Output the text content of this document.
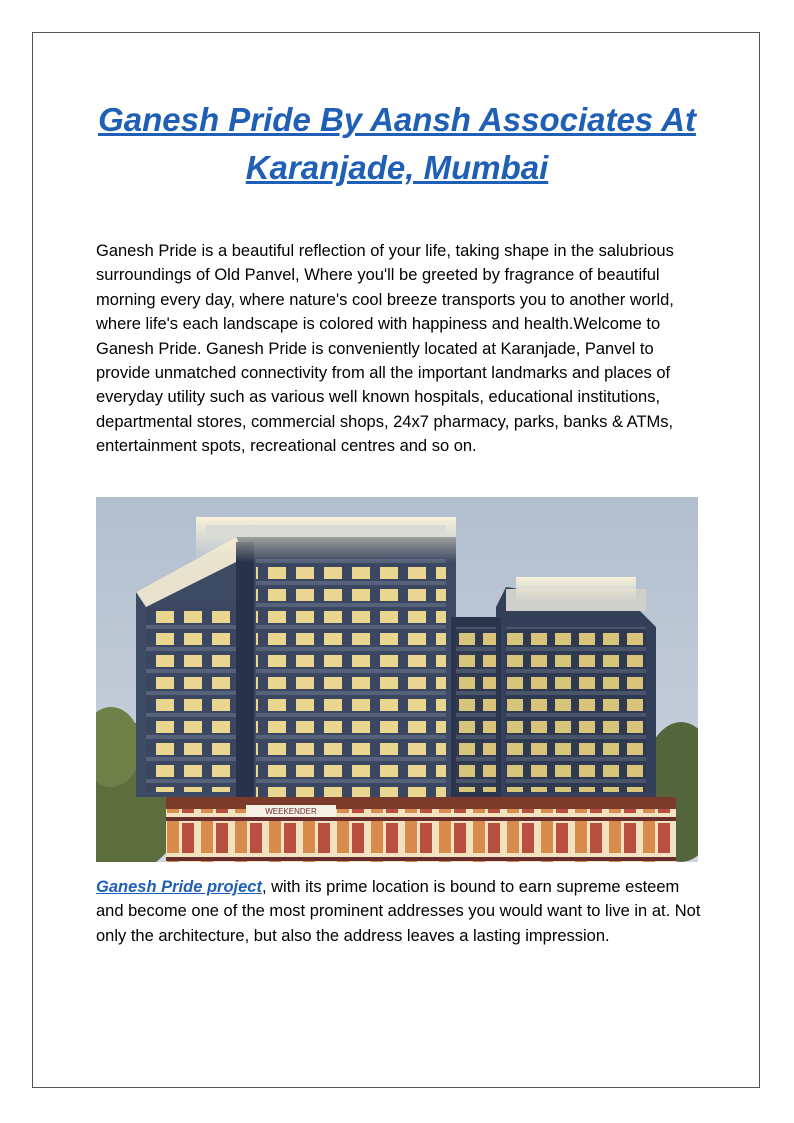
Ganesh Pride By Aansh Associates At Karanjade, Mumbai

Ganesh Pride is a beautiful reflection of your life, taking shape in the salubrious surroundings of Old Panvel, Where you'll be greeted by fragrance of beautiful morning every day, where nature's cool breeze transports you to another world, where life's each landscape is colored with happiness and health.Welcome to Ganesh Pride. Ganesh Pride is conveniently located at Karanjade, Panvel to provide unmatched connectivity from all the important landmarks and places of everyday utility such as various well known hospitals, educational institutions, departmental stores, commercial shops, 24x7 pharmacy, parks, banks & ATMs, entertainment spots, recreational centres and so on.

WEEKENDER

Ganesh Pride project, with its prime location is bound to earn supreme esteem and become one of the most prominent addresses you would want to live in at. Not only the architecture, but also the address leaves a lasting impression.
